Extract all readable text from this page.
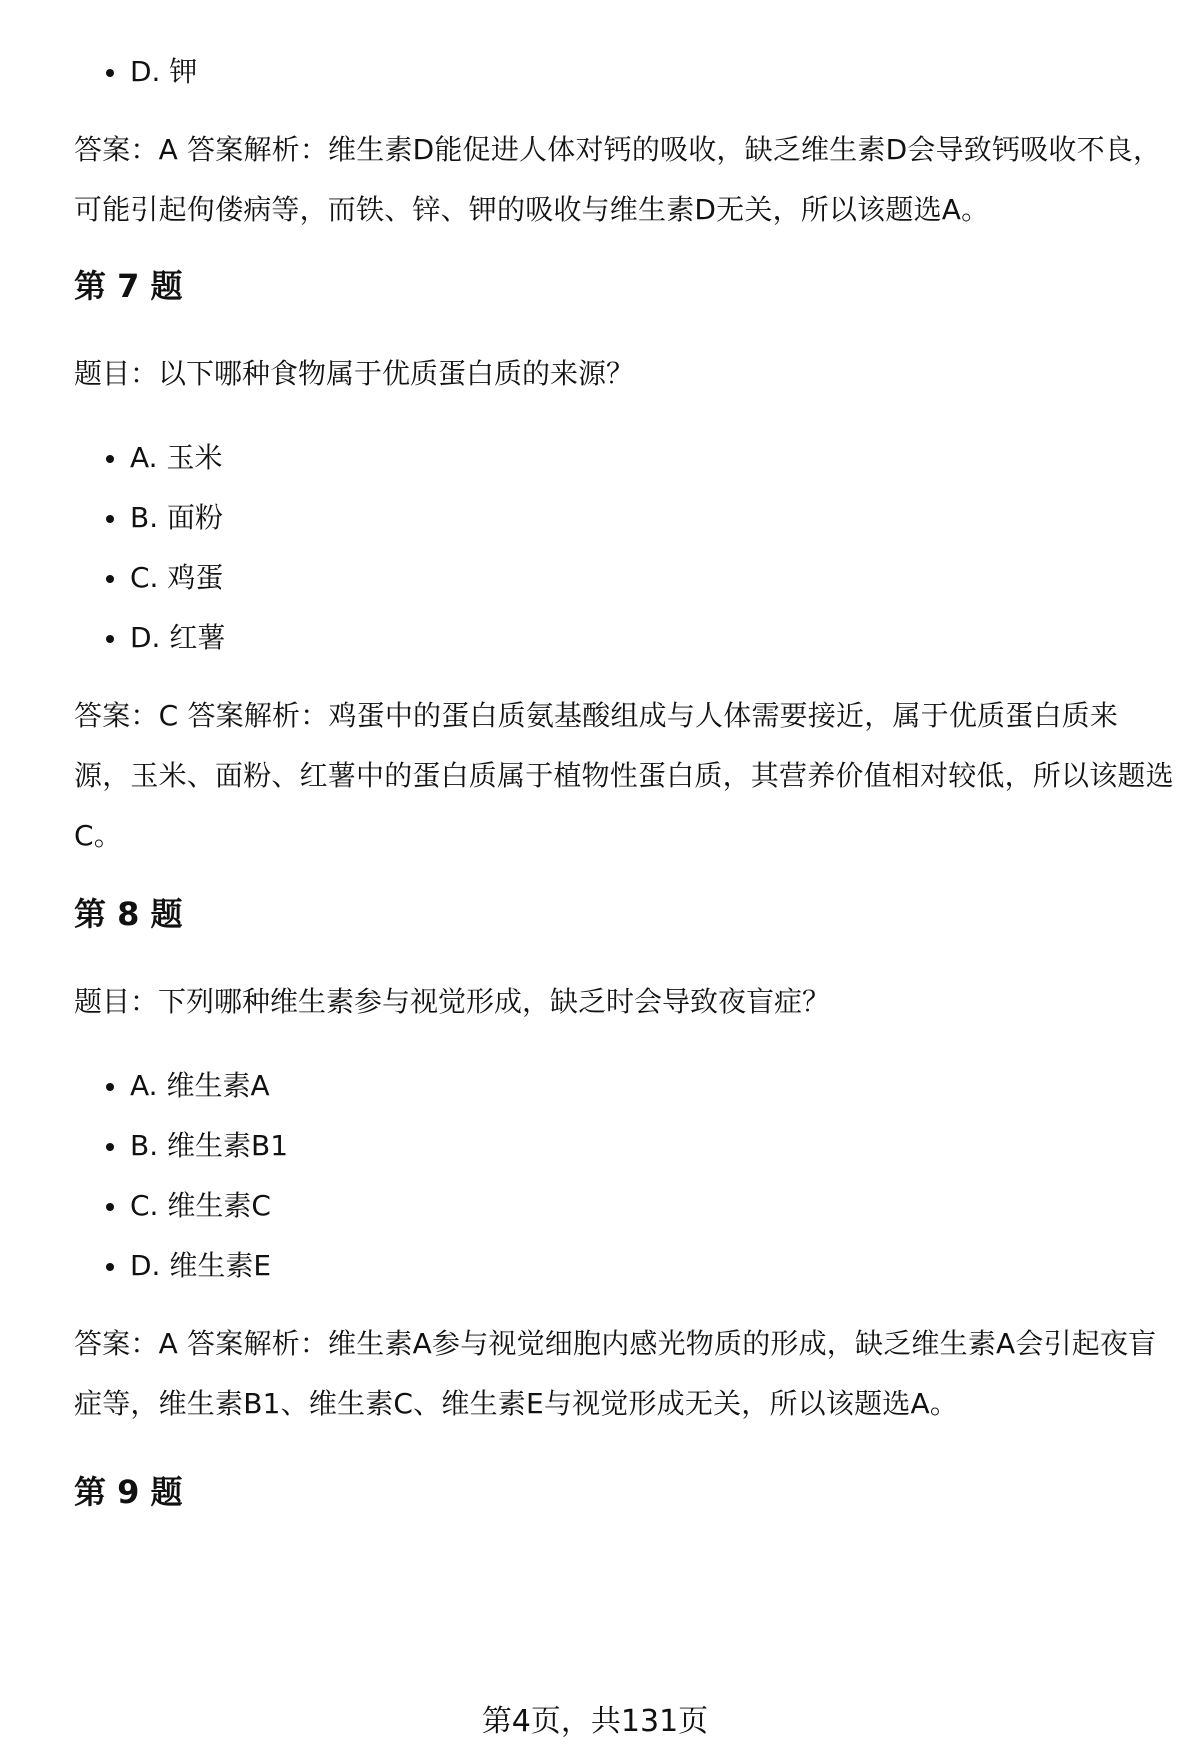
D. 钾

答案：A 答案解析：维生素D能促进人体对钙的吸收，缺乏维生素D会导致钙吸收不良，可能引起佝偻病等，而铁、锌、钾的吸收与维生素D无关，所以该题选A。

第 7 题

题目：以下哪种食物属于优质蛋白质的来源？

A. 玉米
B. 面粉
C. 鸡蛋
D. 红薯

答案：C 答案解析：鸡蛋中的蛋白质氨基酸组成与人体需要接近，属于优质蛋白质来源，玉米、面粉、红薯中的蛋白质属于植物性蛋白质，其营养价值相对较低，所以该题选C。

第 8 题

题目：下列哪种维生素参与视觉形成，缺乏时会导致夜盲症？

A. 维生素A
B. 维生素B1
C. 维生素C
D. 维生素E

答案：A 答案解析：维生素A参与视觉细胞内感光物质的形成，缺乏维生素A会引起夜盲症等，维生素B1、维生素C、维生素E与视觉形成无关，所以该题选A。

第 9 题
第4页，共131页
